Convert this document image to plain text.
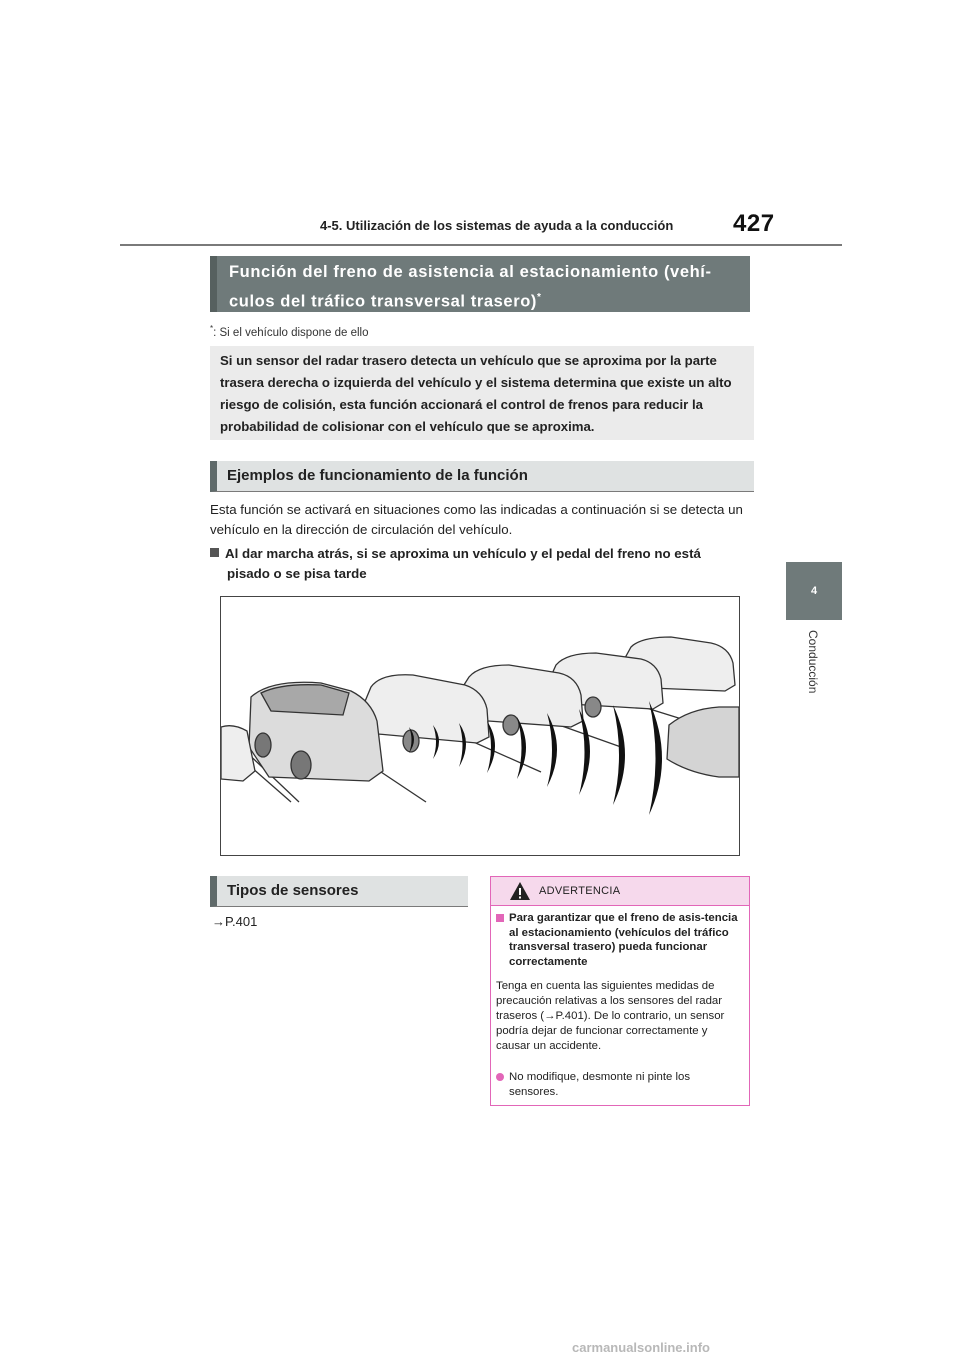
4-5. Utilización de los sistemas de ayuda a la conducción 427
4
Conducción
Función del freno de asistencia al estacionamiento (vehí-
culos del tráfico transversal trasero)*
*: Si el vehículo dispone de ello
Si un sensor del radar trasero detecta un vehículo que se aproxima por la parte trasera derecha o izquierda del vehículo y el sistema determina que existe un alto riesgo de colisión, esta función accionará el control de frenos para reducir la probabilidad de colisionar con el vehículo que se aproxima.
Ejemplos de funcionamiento de la función
Esta función se activará en situaciones como las indicadas a continuación si se detecta un vehículo en la dirección de circulación del vehículo.
Al dar marcha atrás, si se aproxima un vehículo y el pedal del freno no está
pisado o se pisa tarde
Tipos de sensores
→P.401
ADVERTENCIA
Para garantizar que el freno de asis-tencia al estacionamiento (vehículos del tráfico transversal trasero) pueda funcionar correctamente
Tenga en cuenta las siguientes medidas de precaución relativas a los sensores del radar traseros (→P.401). De lo contrario, un sensor podría dejar de funcionar correctamente y causar un accidente.
No modifique, desmonte ni pinte los sensores.
carmanualsonline.info
